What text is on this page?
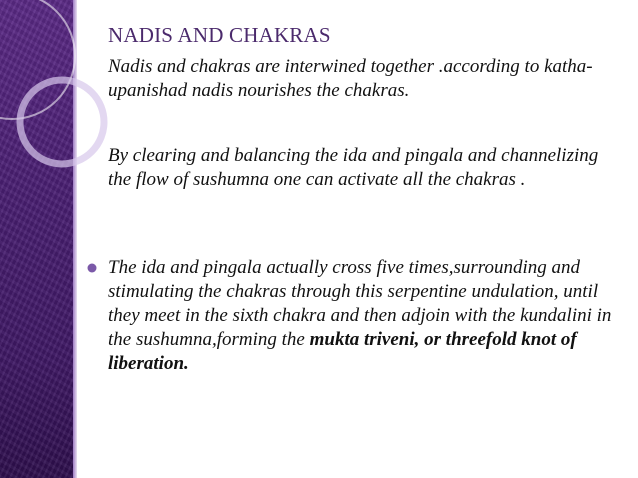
NADIS AND CHAKRAS
Nadis and chakras are interwined together .according to katha-upanishad nadis nourishes the chakras.
By clearing and balancing the ida and pingala and channelizing the flow of sushumna one can activate all the chakras .
The ida and pingala actually cross five times,surrounding and stimulating the chakras through this serpentine undulation, until they meet in the sixth chakra and then adjoin with the kundalini in the sushumna,forming the mukta triveni, or threefold knot of liberation.
